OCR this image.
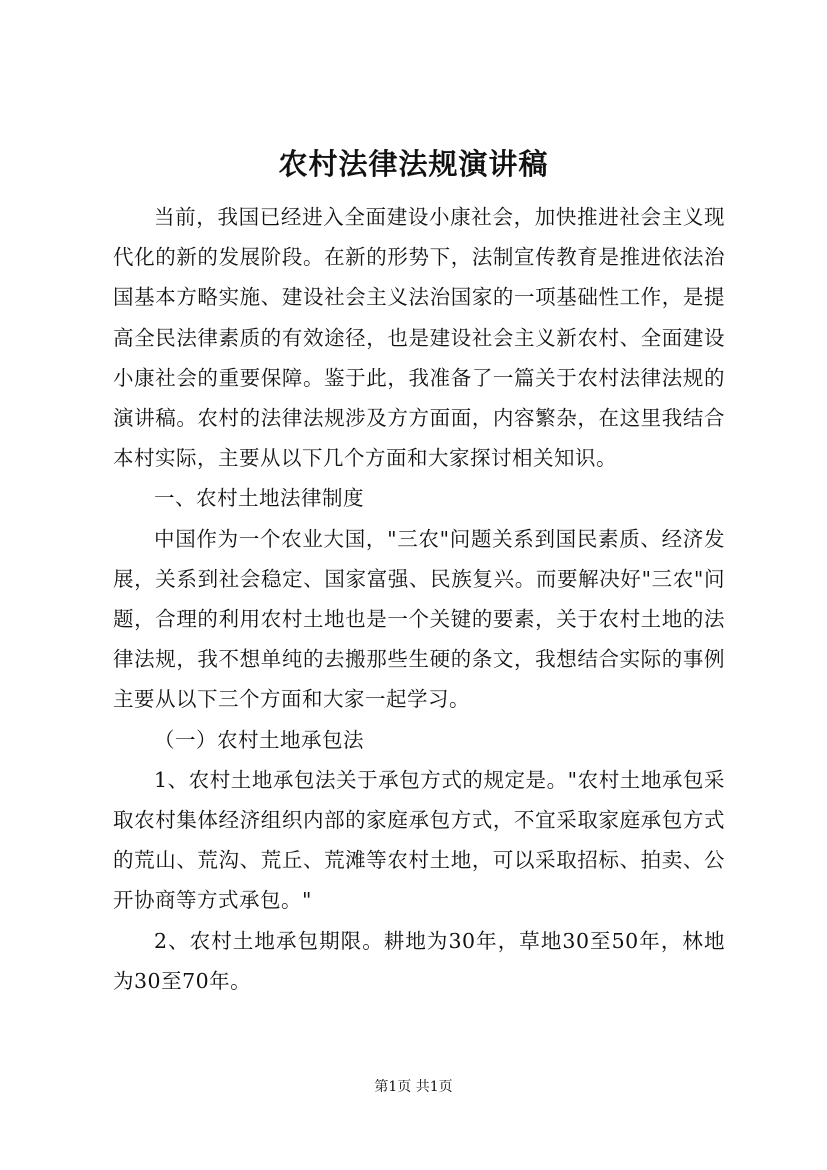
农村法律法规演讲稿

当前，我国已经进入全面建设小康社会，加快推进社会主义现代化的新的发展阶段。在新的形势下，法制宣传教育是推进依法治国基本方略实施、建设社会主义法治国家的一项基础性工作，是提高全民法律素质的有效途径，也是建设社会主义新农村、全面建设小康社会的重要保障。鉴于此，我准备了一篇关于农村法律法规的演讲稿。农村的法律法规涉及方方面面，内容繁杂，在这里我结合本村实际，主要从以下几个方面和大家探讨相关知识。

一、农村土地法律制度

中国作为一个农业大国，"三农"问题关系到国民素质、经济发展，关系到社会稳定、国家富强、民族复兴。而要解决好"三农"问题，合理的利用农村土地也是一个关键的要素，关于农村土地的法律法规，我不想单纯的去搬那些生硬的条文，我想结合实际的事例主要从以下三个方面和大家一起学习。

（一）农村土地承包法

1、农村土地承包法关于承包方式的规定是。"农村土地承包采取农村集体经济组织内部的家庭承包方式，不宜采取家庭承包方式的荒山、荒沟、荒丘、荒滩等农村土地，可以采取招标、拍卖、公开协商等方式承包。"

2、农村土地承包期限。耕地为30年，草地30至50年，林地为30至70年。

第1页 共1页
